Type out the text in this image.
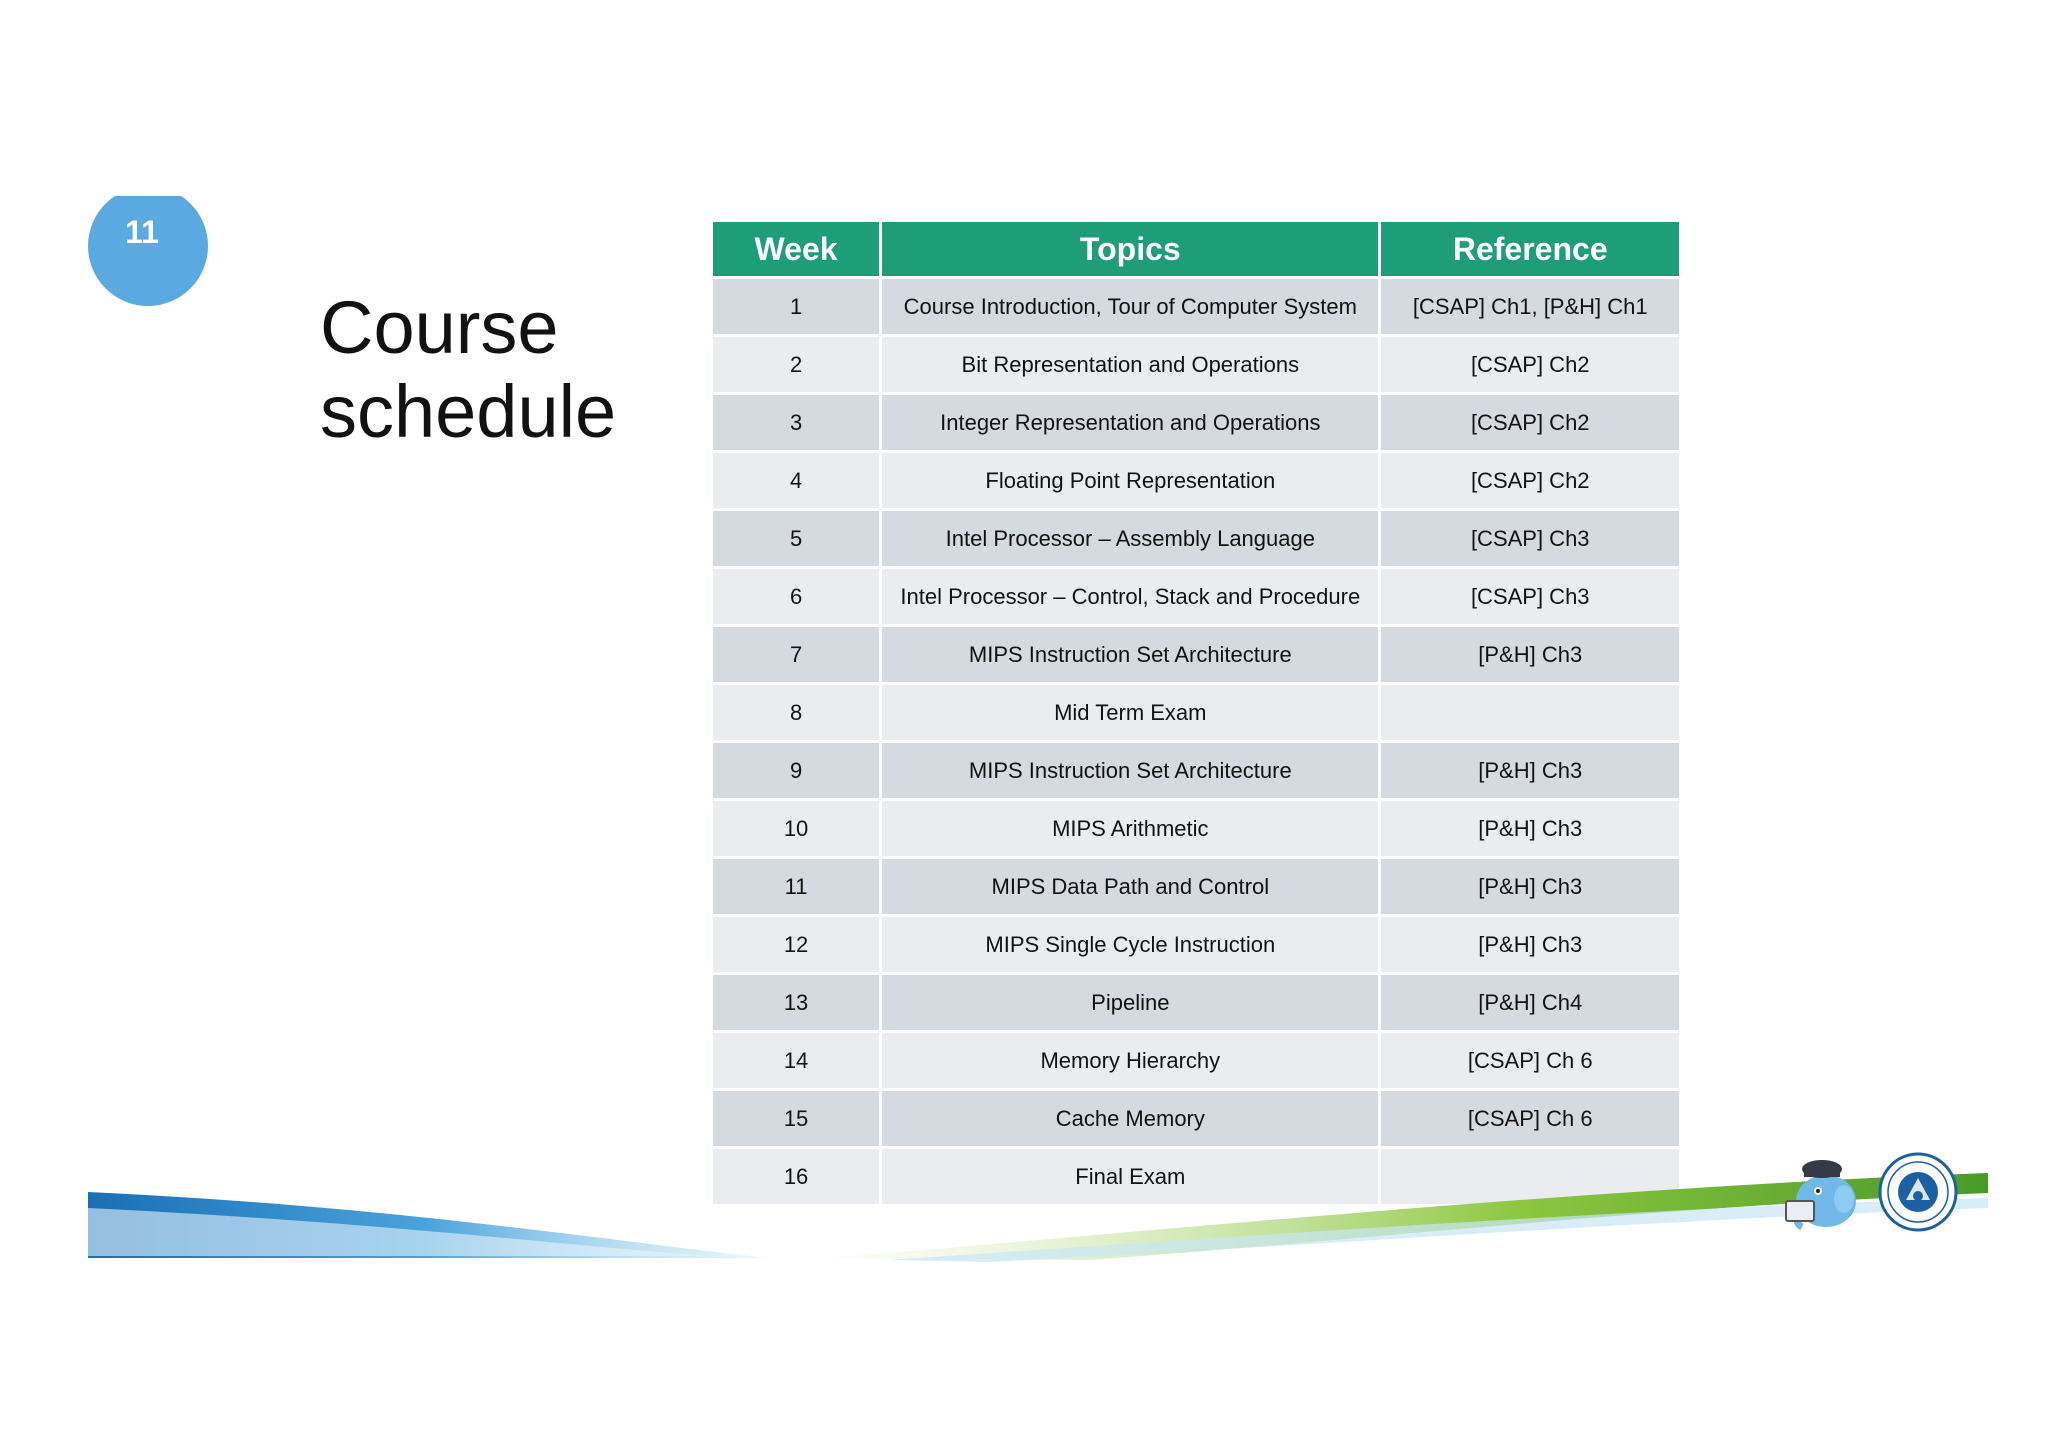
11
Course
schedule
Week	Topics	Reference
1	Course Introduction, Tour of Computer System	[CSAP] Ch1, [P&H] Ch1
2	Bit Representation and Operations	[CSAP] Ch2
3	Integer Representation and Operations	[CSAP] Ch2
4	Floating Point Representation	[CSAP] Ch2
5	Intel Processor – Assembly Language	[CSAP] Ch3
6	Intel Processor – Control, Stack and Procedure	[CSAP] Ch3
7	MIPS Instruction Set Architecture	[P&H] Ch3
8	Mid Term Exam	
9	MIPS Instruction Set Architecture	[P&H] Ch3
10	MIPS Arithmetic	[P&H] Ch3
11	MIPS Data Path and Control	[P&H] Ch3
12	MIPS Single Cycle Instruction	[P&H] Ch3
13	Pipeline	[P&H] Ch4
14	Memory Hierarchy	[CSAP] Ch 6
15	Cache Memory	[CSAP] Ch 6
16	Final Exam	
